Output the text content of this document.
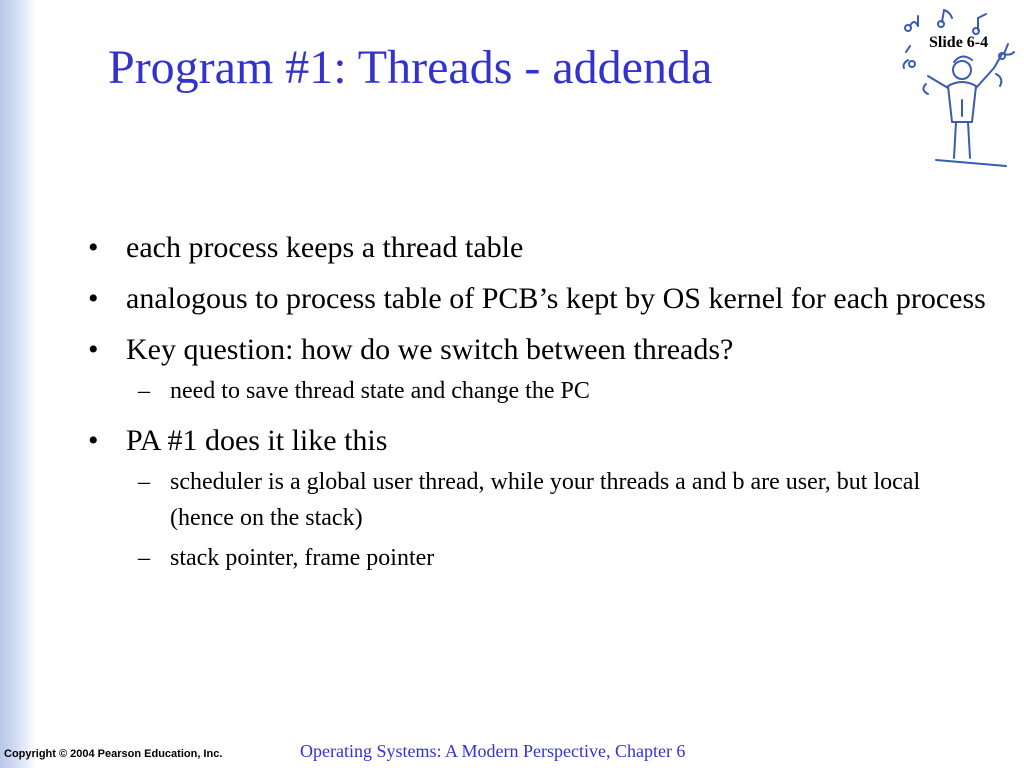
Program #1: Threads - addenda	Slide 6-4
• each process keeps a thread table
• analogous to process table of PCB’s kept by OS kernel for each process
• Key question: how do we switch between threads?
– need to save thread state and change the PC
• PA #1 does it like this
– scheduler is a global user thread, while your threads a and b are user, but local (hence on the stack)
– stack pointer, frame pointer
Copyright © 2004 Pearson Education, Inc.	Operating Systems: A Modern Perspective, Chapter 6
